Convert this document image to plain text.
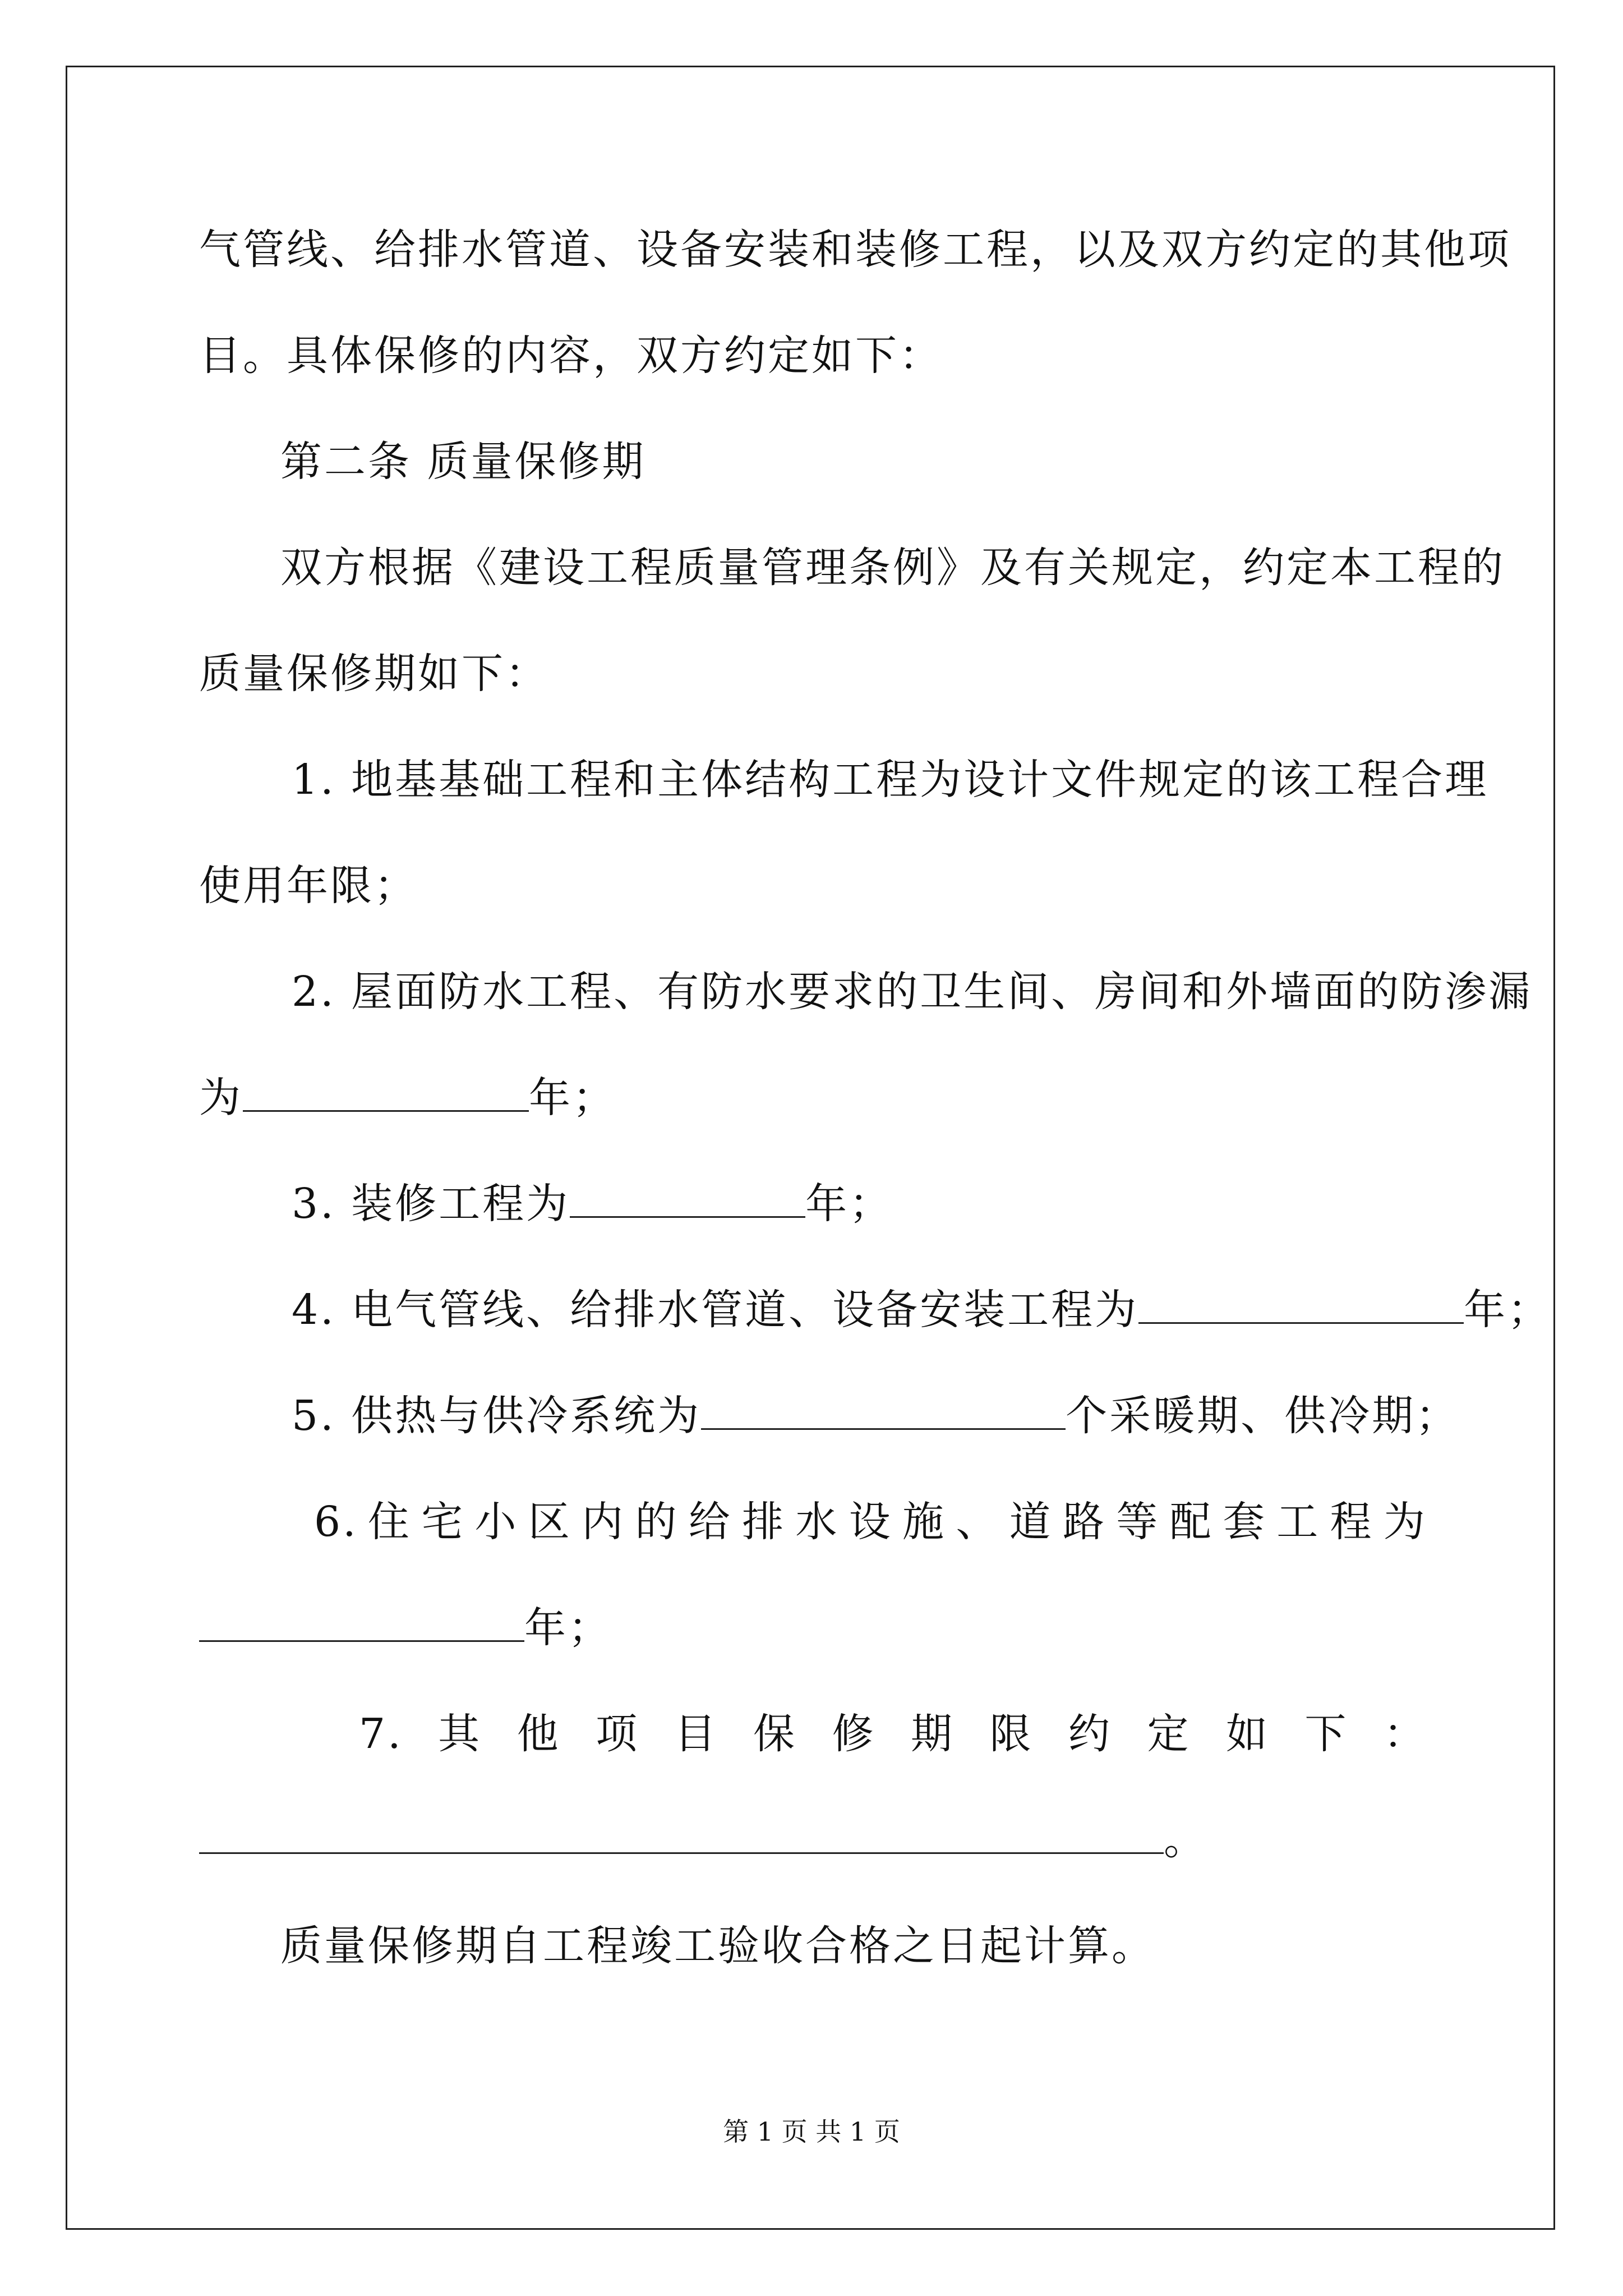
气管线、给排水管道、设备安装和装修工程，以及双方约定的其他项
目。具体保修的内容，双方约定如下：
第二条 质量保修期
双方根据《建设工程质量管理条例》及有关规定，约定本工程的
质量保修期如下：
1. 地基基础工程和主体结构工程为设计文件规定的该工程合理
使用年限；
2. 屋面防水工程、有防水要求的卫生间、房间和外墙面的防渗漏
为	年；
3. 装修工程为	年；
4. 电气管线、给排水管道、设备安装工程为	年；
5. 供热与供冷系统为	个采暖期、供冷期；
6. 住 宅 小 区 内 的 给 排 水 设 施 、 道 路 等 配 套 工 程 为
年；
7. 其 他 项 目 保 修 期 限 约 定 如 下 ：
。
质量保修期自工程竣工验收合格之日起计算。
第 1 页 共 1 页
